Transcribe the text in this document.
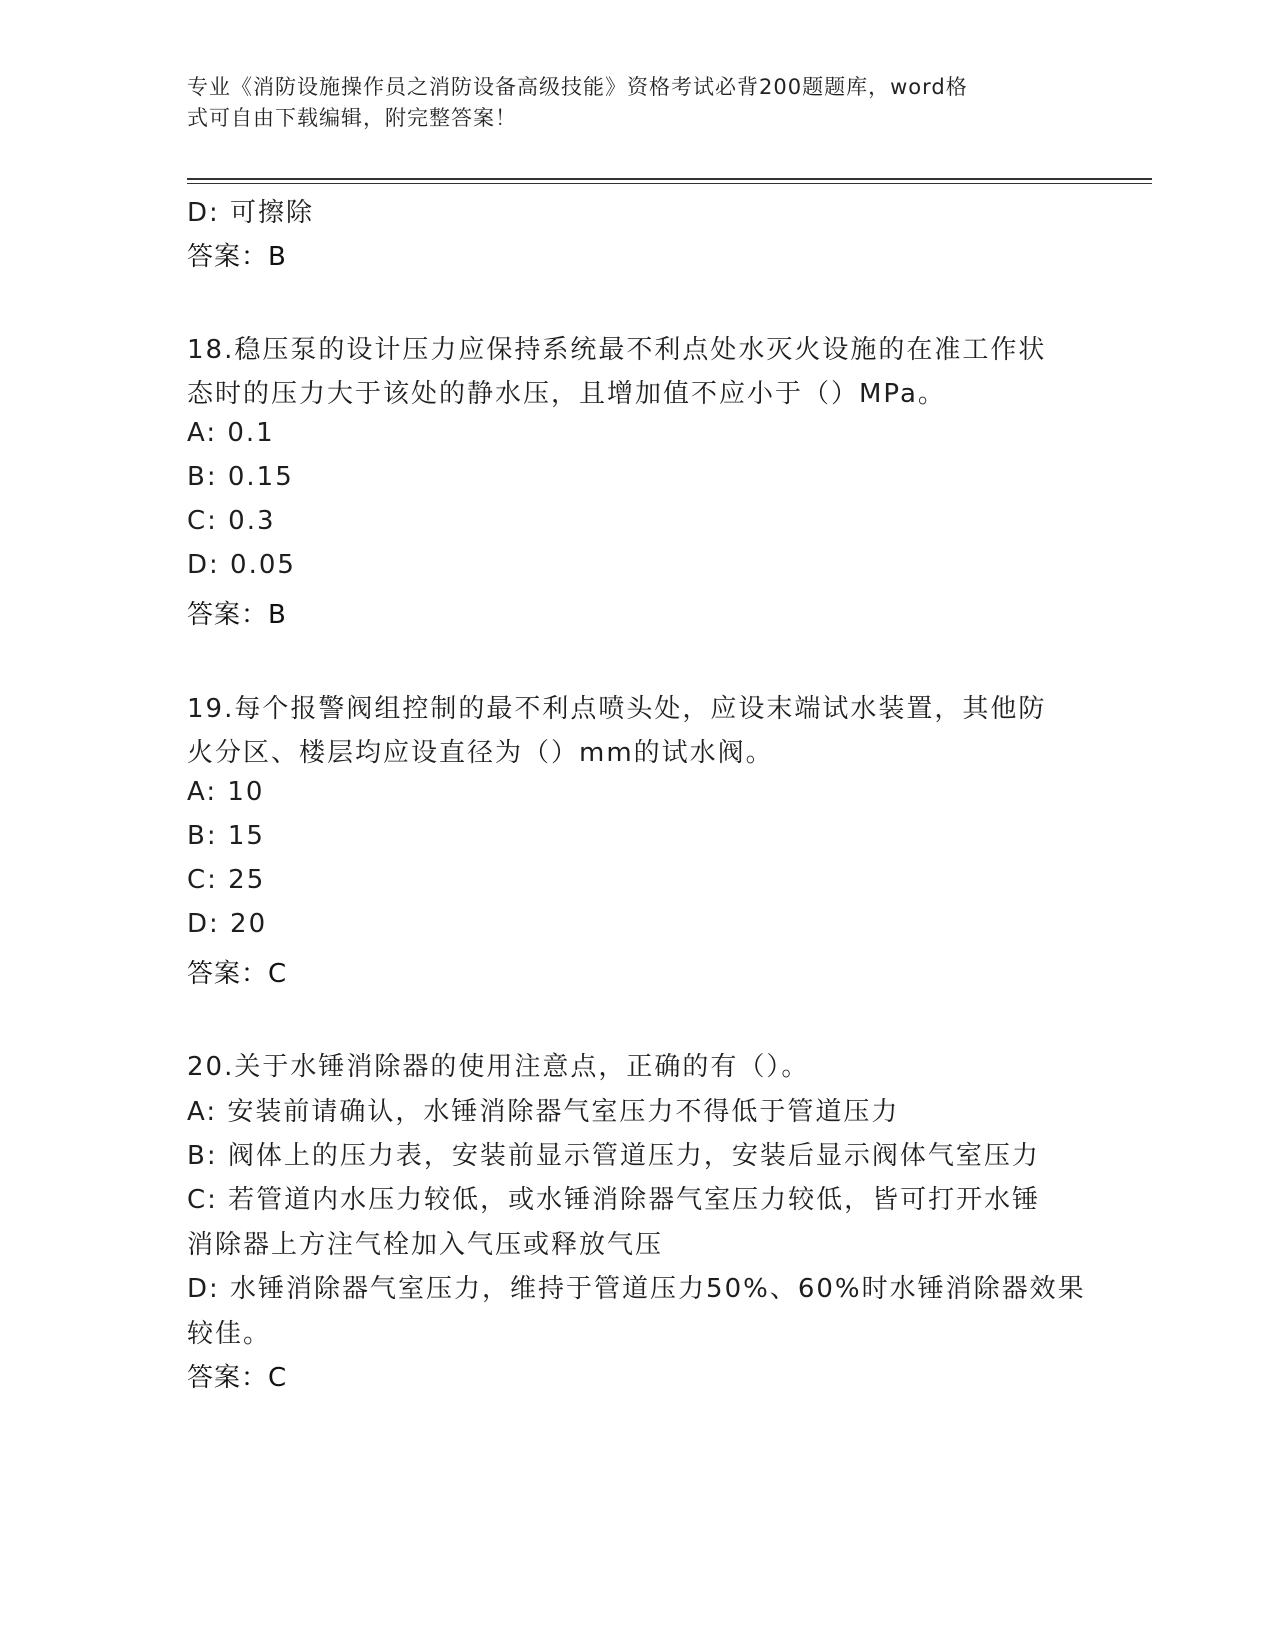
专业《消防设施操作员之消防设备高级技能》资格考试必背200题题库，word格
式可自由下载编辑，附完整答案！
D: 可擦除
答案：B
18.稳压泵的设计压力应保持系统最不利点处水灭火设施的在准工作状
态时的压力大于该处的静水压，且增加值不应小于（）MPa。
A: 0.1
B: 0.15
C: 0.3
D: 0.05
答案：B
19.每个报警阀组控制的最不利点喷头处，应设末端试水装置，其他防
火分区、楼层均应设直径为（）mm的试水阀。
A: 10
B: 15
C: 25
D: 20
答案：C
20.关于水锤消除器的使用注意点，正确的有（）。
A: 安装前请确认，水锤消除器气室压力不得低于管道压力
B: 阀体上的压力表，安装前显示管道压力，安装后显示阀体气室压力
C: 若管道内水压力较低，或水锤消除器气室压力较低，皆可打开水锤
消除器上方注气栓加入气压或释放气压
D: 水锤消除器气室压力，维持于管道压力50%、60%时水锤消除器效果
较佳。
答案：C
